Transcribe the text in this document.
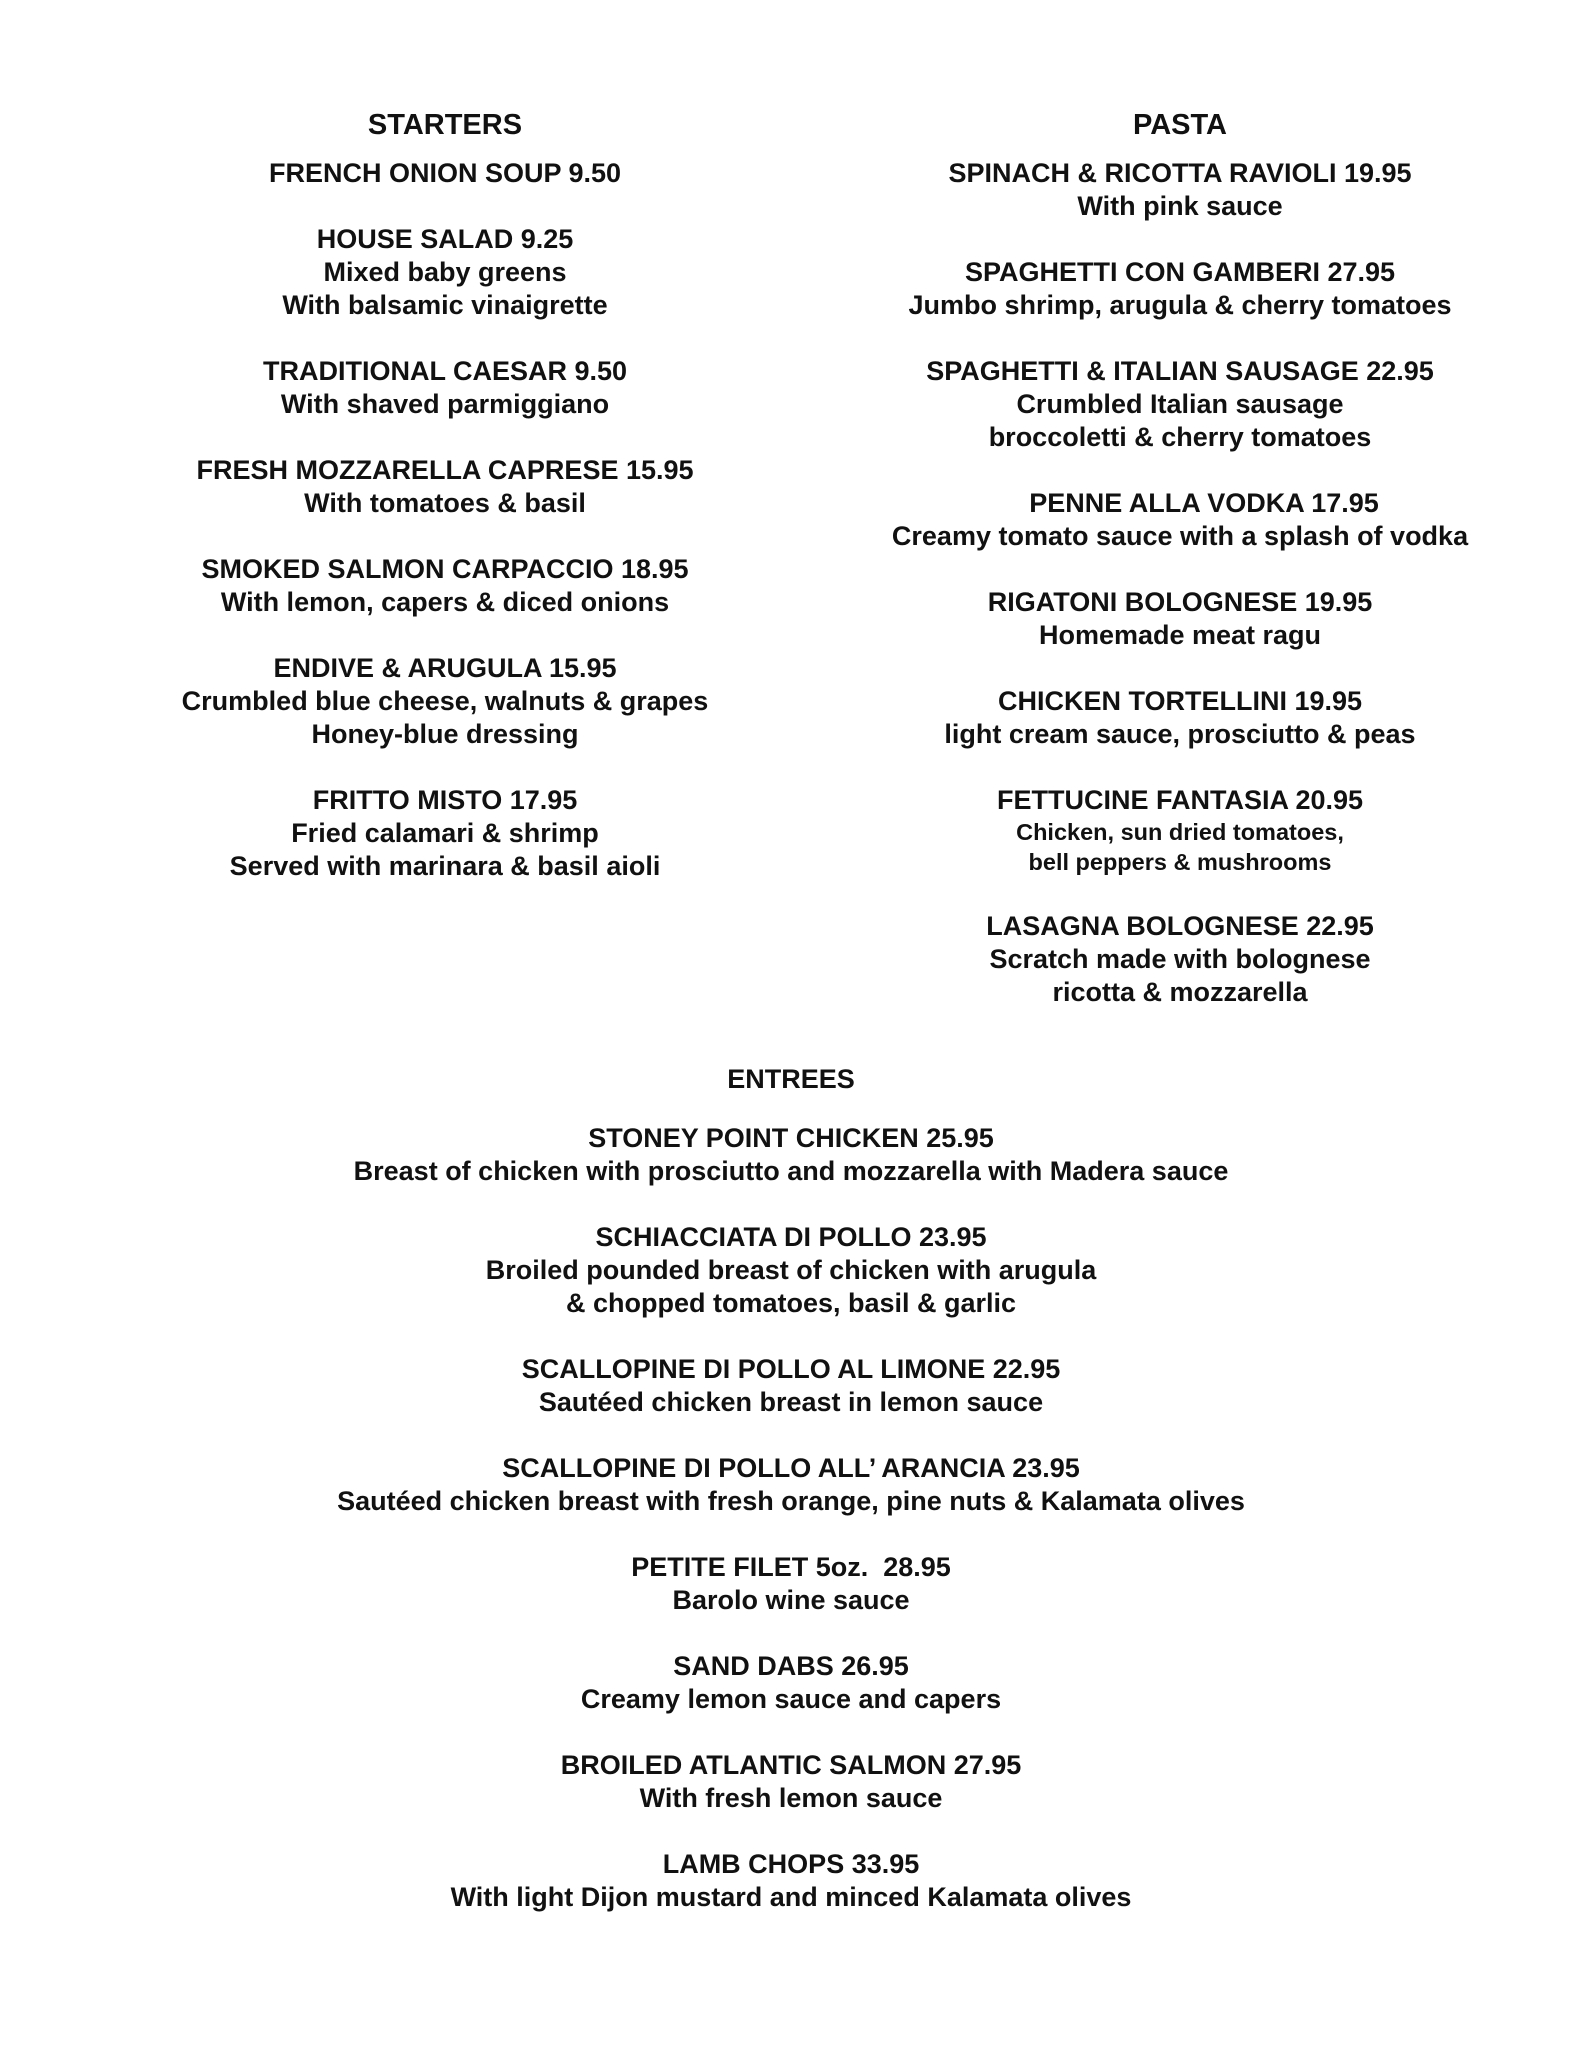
STARTERS
FRENCH ONION SOUP 9.50
HOUSE SALAD 9.25
Mixed baby greens
With balsamic vinaigrette
TRADITIONAL CAESAR 9.50
With shaved parmiggiano
FRESH MOZZARELLA CAPRESE 15.95
With tomatoes & basil
SMOKED SALMON CARPACCIO 18.95
With lemon, capers & diced onions
ENDIVE & ARUGULA 15.95
Crumbled blue cheese, walnuts & grapes
Honey-blue dressing
FRITTO MISTO 17.95
Fried calamari & shrimp
Served with marinara & basil aioli
PASTA
SPINACH & RICOTTA RAVIOLI 19.95
With pink sauce
SPAGHETTI CON GAMBERI 27.95
Jumbo shrimp, arugula & cherry tomatoes
SPAGHETTI & ITALIAN SAUSAGE 22.95
Crumbled Italian sausage
broccoletti & cherry tomatoes
PENNE ALLA VODKA 17.95
Creamy tomato sauce with a splash of vodka
RIGATONI BOLOGNESE 19.95
Homemade meat ragu
CHICKEN TORTELLINI 19.95
light cream sauce, prosciutto & peas
FETTUCINE FANTASIA 20.95
Chicken, sun dried tomatoes,
bell peppers & mushrooms
LASAGNA BOLOGNESE 22.95
Scratch made with bolognese
ricotta & mozzarella
ENTREES
STONEY POINT CHICKEN 25.95
Breast of chicken with prosciutto and mozzarella with Madera sauce
SCHIACCIATA DI POLLO 23.95
Broiled pounded breast of chicken with arugula
& chopped tomatoes, basil & garlic
SCALLOPINE DI POLLO AL LIMONE 22.95
Sautéed chicken breast in lemon sauce
SCALLOPINE DI POLLO ALL’ ARANCIA 23.95
Sautéed chicken breast with fresh orange, pine nuts & Kalamata olives
PETITE FILET 5oz.  28.95
Barolo wine sauce
SAND DABS 26.95
Creamy lemon sauce and capers
BROILED ATLANTIC SALMON 27.95
With fresh lemon sauce
LAMB CHOPS 33.95
With light Dijon mustard and minced Kalamata olives
